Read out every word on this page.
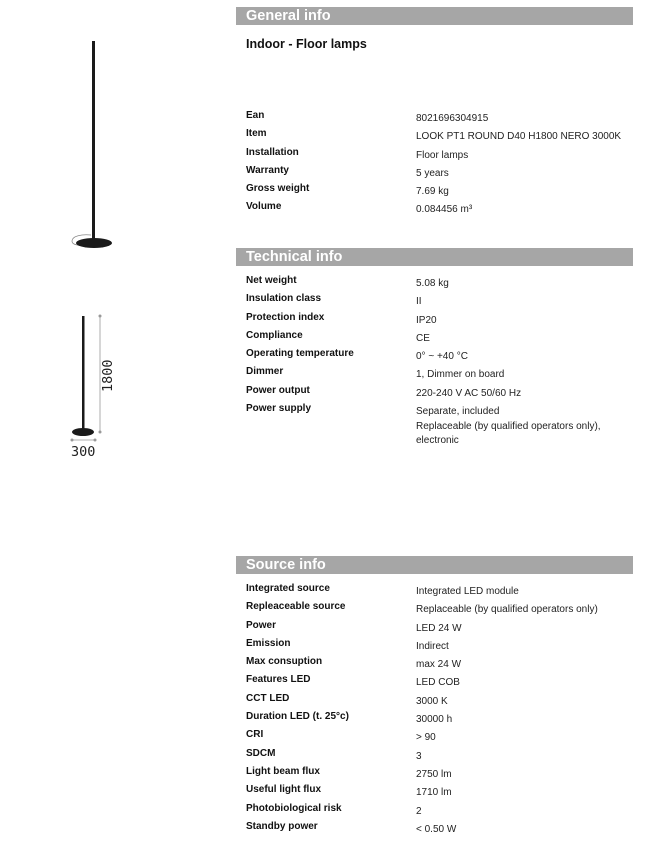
1800
300
General info
Indoor - Floor lamps
Ean	8021696304915
Item	LOOK PT1 ROUND D40 H1800 NERO 3000K
Installation	Floor lamps
Warranty	5 years
Gross weight	7.69 kg
Volume	0.084456 m³
Technical info
Net weight	5.08 kg
Insulation class	II
Protection index	IP20
Compliance	CE
Operating temperature	0° ~ +40 °C
Dimmer	1, Dimmer on board
Power output	220-240 V AC 50/60 Hz
Power supply	Separate, included
Replaceable (by qualified operators only),
electronic
Source info
Integrated source	Integrated LED module
Repleaceable source	Replaceable (by qualified operators only)
Power	LED 24 W
Emission	Indirect
Max consuption	max 24 W
Features LED	LED COB
CCT LED	3000 K
Duration LED (t. 25°c)	30000 h
CRI	> 90
SDCM	3
Light beam flux	2750 lm
Useful light flux	1710 lm
Photobiological risk	2
Standby power	< 0.50 W
